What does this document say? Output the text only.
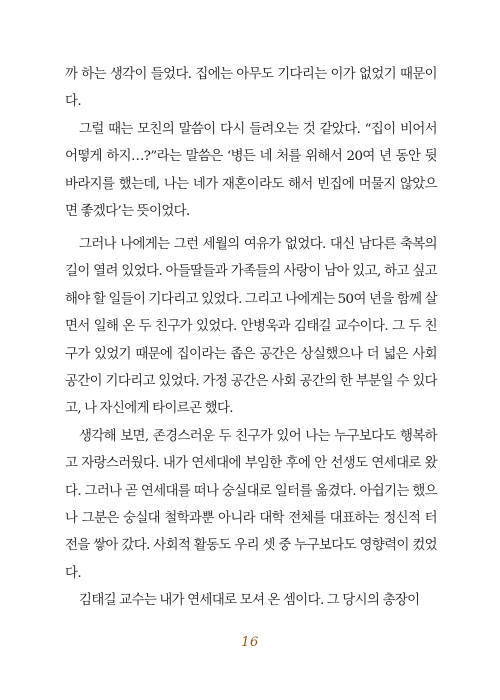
까 하는 생각이 들었다. 집에는 아무도 기다리는 이가 없었기 때문이다.

그럴 때는 모친의 말씀이 다시 들려오는 것 같았다. “집이 비어서 어떻게 하지…?”라는 말씀은 ‘병든 네 처를 위해서 20여 년 동안 뒷바라지를 했는데, 나는 네가 재혼이라도 해서 빈집에 머물지 않았으면 좋겠다’는 뜻이었다.

그러나 나에게는 그런 세월의 여유가 없었다. 대신 남다른 축복의 길이 열려 있었다. 아들딸들과 가족들의 사랑이 남아 있고, 하고 싶고 해야 할 일들이 기다리고 있었다. 그리고 나에게는 50여 년을 함께 살면서 일해 온 두 친구가 있었다. 안병욱과 김태길 교수이다. 그 두 친구가 있었기 때문에 집이라는 좁은 공간은 상실했으나 더 넓은 사회 공간이 기다리고 있었다. 가정 공간은 사회 공간의 한 부분일 수 있다고, 나 자신에게 타이르곤 했다.

생각해 보면, 존경스러운 두 친구가 있어 나는 누구보다도 행복하고 자랑스러웠다. 내가 연세대에 부임한 후에 안 선생도 연세대로 왔다. 그러나 곧 연세대를 떠나 숭실대로 일터를 옮겼다. 아쉽기는 했으나 그분은 숭실대 철학과뿐 아니라 대학 전체를 대표하는 정신적 터전을 쌓아 갔다. 사회적 활동도 우리 셋 중 누구보다도 영향력이 컸었다.

김태길 교수는 내가 연세대로 모셔 온 셈이다. 그 당시의 총장이

16
